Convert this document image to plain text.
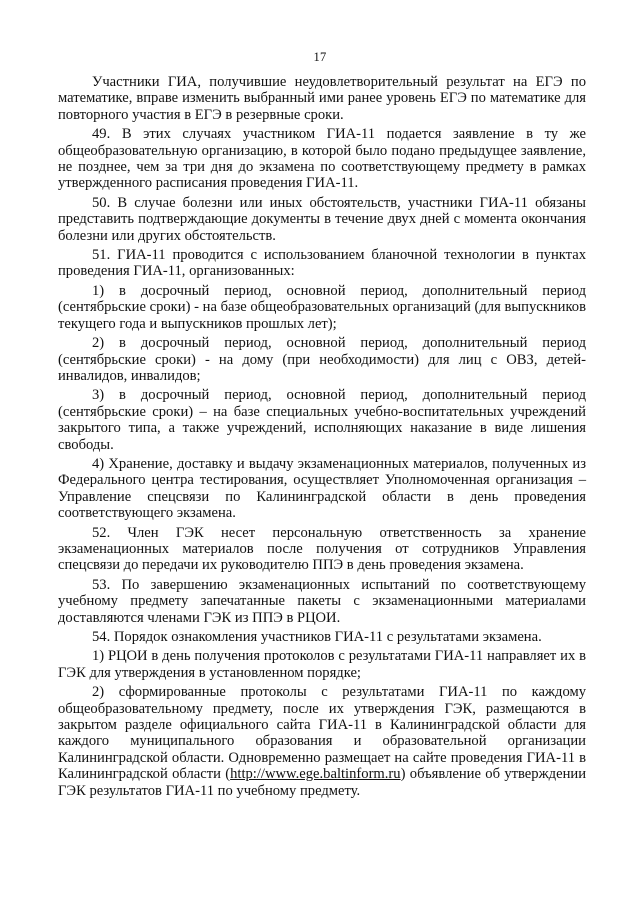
17

Участники ГИА, получившие неудовлетворительный результат на ЕГЭ по математике, вправе изменить выбранный ими ранее уровень ЕГЭ по математике для повторного участия в ЕГЭ в резервные сроки.

49. В этих случаях участником ГИА-11 подается заявление в ту же общеобразовательную организацию, в которой было подано предыдущее заявление, не позднее, чем за три дня до экзамена по соответствующему предмету в рамках утвержденного расписания проведения ГИА-11.

50. В случае болезни или иных обстоятельств, участники ГИА-11 обязаны представить подтверждающие документы в течение двух дней с момента окончания болезни или других обстоятельств.

51. ГИА-11 проводится с использованием бланочной технологии в пунктах проведения ГИА-11, организованных:

1) в досрочный период, основной период, дополнительный период (сентябрьские сроки) - на базе общеобразовательных организаций (для выпускников текущего года и выпускников прошлых лет);

2) в досрочный период, основной период, дополнительный период (сентябрьские сроки) - на дому (при необходимости) для лиц с ОВЗ, детей-инвалидов, инвалидов;

3) в досрочный период, основной период, дополнительный период (сентябрьские сроки) – на базе специальных учебно-воспитательных учреждений закрытого типа, а также учреждений, исполняющих наказание в виде лишения свободы.

4) Хранение, доставку и выдачу экзаменационных материалов, полученных из Федерального центра тестирования, осуществляет Уполномоченная организация – Управление спецсвязи по Калининградской области в день проведения соответствующего экзамена.

52. Член ГЭК несет персональную ответственность за хранение экзаменационных материалов после получения от сотрудников Управления спецсвязи до передачи их руководителю ППЭ в день проведения экзамена.

53. По завершению экзаменационных испытаний по соответствующему учебному предмету запечатанные пакеты с экзаменационными материалами доставляются членами ГЭК из ППЭ в РЦОИ.

54. Порядок ознакомления участников ГИА-11 с результатами экзамена.

1) РЦОИ в день получения протоколов с результатами ГИА-11 направляет их в ГЭК для утверждения в установленном порядке;

2) сформированные протоколы с результатами ГИА-11 по каждому общеобразовательному предмету, после их утверждения ГЭК, размещаются в закрытом разделе официального сайта ГИА-11 в Калининградской области для каждого муниципального образования и образовательной организации Калининградской области. Одновременно размещает на сайте проведения ГИА-11 в Калининградской области (http://www.ege.baltinform.ru) объявление об утверждении ГЭК результатов ГИА-11 по учебному предмету.
